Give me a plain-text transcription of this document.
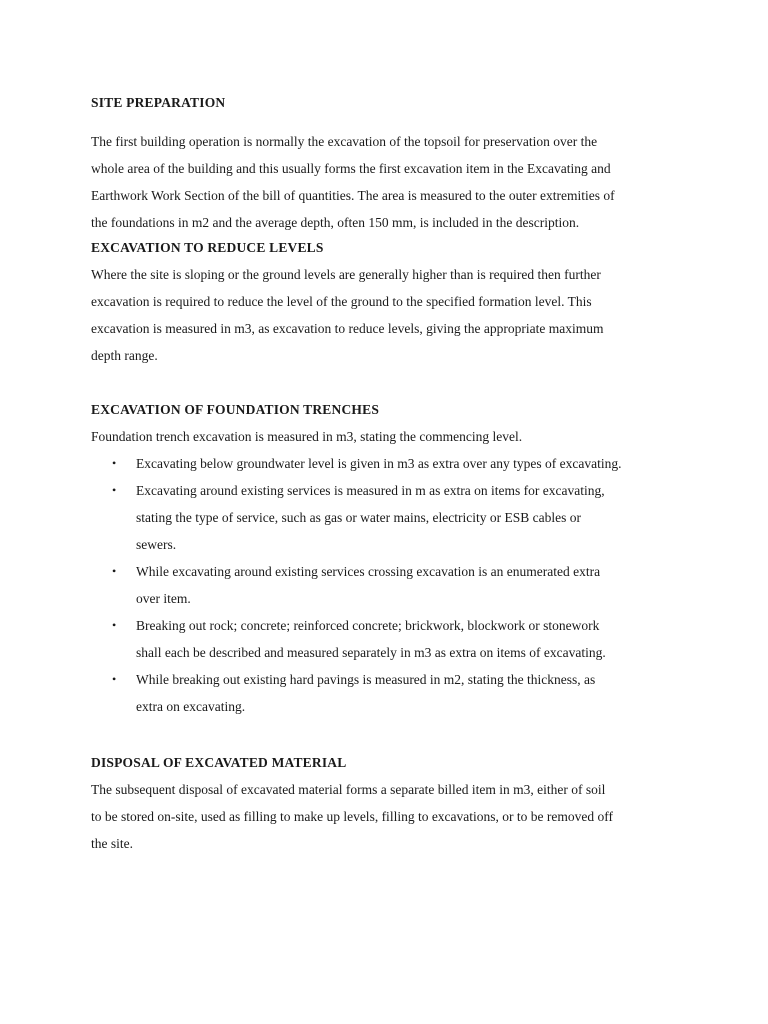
SITE PREPARATION
The first building operation is normally the excavation of the topsoil for preservation over the
whole area of the building and this usually forms the first excavation item in the Excavating and
Earthwork Work Section of the bill of quantities. The area is measured to the outer extremities of
the foundations in m2 and the average depth, often 150 mm, is included in the description.
EXCAVATION TO REDUCE LEVELS
Where the site is sloping or the ground levels are generally higher than is required then further
excavation is required to reduce the level of the ground to the specified formation level. This
excavation is measured in m3, as excavation to reduce levels, giving the appropriate maximum
depth range.
EXCAVATION OF FOUNDATION TRENCHES
Foundation trench excavation is measured in m3, stating the commencing level.
• Excavating below groundwater level is given in m3 as extra over any types of excavating.
• Excavating around existing services is measured in m as extra on items for excavating,
stating the type of service, such as gas or water mains, electricity or ESB cables or
sewers.
• While excavating around existing services crossing excavation is an enumerated extra
over item.
• Breaking out rock; concrete; reinforced concrete; brickwork, blockwork or stonework
shall each be described and measured separately in m3 as extra on items of excavating.
• While breaking out existing hard pavings is measured in m2, stating the thickness, as
extra on excavating.
DISPOSAL OF EXCAVATED MATERIAL
The subsequent disposal of excavated material forms a separate billed item in m3, either of soil
to be stored on-site, used as filling to make up levels, filling to excavations, or to be removed off
the site.
